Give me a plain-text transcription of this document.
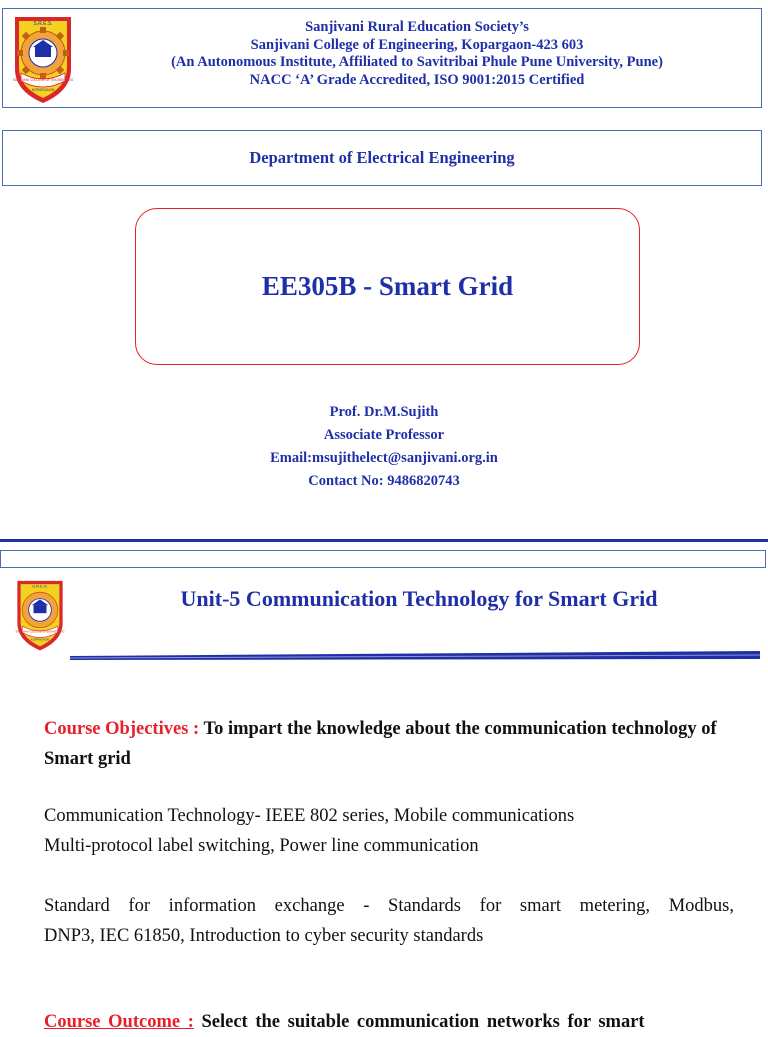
S.R.E.S.
SANJIVANI COLLEGE OF ENGINEERING
KOPARGAON
Sanjivani Rural Education Society’s
Sanjivani College of Engineering, Kopargaon-423 603
(An Autonomous Institute, Affiliated to Savitribai Phule Pune University, Pune)
NACC ‘A’ Grade Accredited, ISO 9001:2015 Certified
Department of Electrical Engineering
EE305B - Smart Grid
Prof. Dr.M.Sujith
Associate Professor
Email:msujithelect@sanjivani.org.in
Contact No: 9486820743
S.R.E.S.
SANJIVANI COLLEGE OF ENGINEERING
KOPARGAON
Unit-5 Communication Technology for Smart Grid
Course Objectives : To impart the knowledge about the communication technology of Smart grid
Communication Technology- IEEE 802 series, Mobile communications
Multi-protocol label switching, Power line communication
Standard for information exchange - Standards for smart metering, Modbus,
DNP3, IEC 61850, Introduction to cyber security standards
Course Outcome : Select the suitable communication networks for smart
